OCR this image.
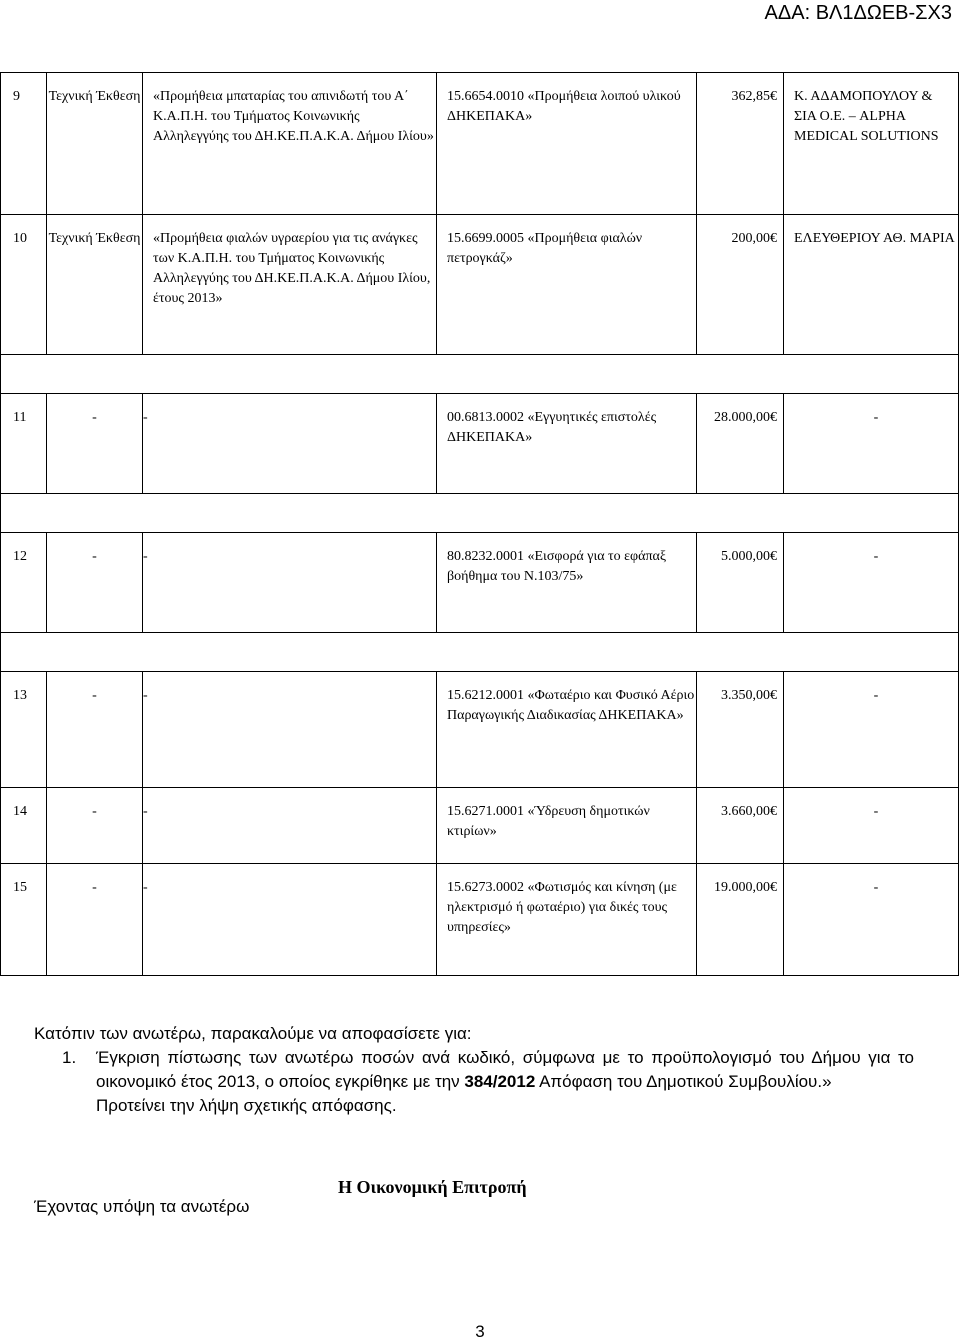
ΑΔΑ: ΒΛ1ΔΩΕΒ-ΣΧ3
9	Τεχνική Έκθεση	«Προμήθεια μπαταρίας του απινιδωτή του Α΄ Κ.Α.Π.Η. του Τμήματος Κοινωνικής Αλληλεγγύης του ΔΗ.ΚΕ.Π.Α.Κ.Α. Δήμου Ιλίου»	15.6654.0010 «Προμήθεια λοιπού υλικού ΔΗΚΕΠΑΚΑ»	362,85€	Κ. ΑΔΑΜΟΠΟΥΛΟΥ & ΣΙΑ Ο.Ε. – ALPHA MEDICAL SOLUTIONS

10	Τεχνική Έκθεση	«Προμήθεια φιαλών υγραερίου για τις ανάγκες των Κ.Α.Π.Η. του Τμήματος Κοινωνικής Αλληλεγγύης του ΔΗ.ΚΕ.Π.Α.Κ.Α. Δήμου Ιλίου, έτους 2013»	15.6699.0005 «Προμήθεια φιαλών πετρογκάζ»	200,00€	ΕΛΕΥΘΕΡΙΟΥ ΑΘ. ΜΑΡΙΑ

11	-	-	00.6813.0002 «Εγγυητικές επιστολές ΔΗΚΕΠΑΚΑ»	28.000,00€	-

12	-	-	80.8232.0001 «Εισφορά για το εφάπαξ βοήθημα του Ν.103/75»	5.000,00€	-

13	-	-	15.6212.0001 «Φωταέριο και Φυσικό Αέριο Παραγωγικής Διαδικασίας ΔΗΚΕΠΑΚΑ»	3.350,00€	-

14	-	-	15.6271.0001 «Ύδρευση δημοτικών κτιρίων»	3.660,00€	-

15	-	-	15.6273.0002 «Φωτισμός και κίνηση (με ηλεκτρισμό ή φωταέριο) για δικές τους υπηρεσίες»	19.000,00€	-
Κατόπιν των ανωτέρω, παρακαλούμε να αποφασίσετε για:
1.	Έγκριση πίστωσης των ανωτέρω ποσών ανά κωδικό, σύμφωνα με το προϋπολογισμό του Δήμου για το οικονομικό έτος 2013, ο οποίος εγκρίθηκε με την 384/2012 Απόφαση του Δημοτικού Συμβουλίου.»
Προτείνει την λήψη σχετικής απόφασης.
Έχοντας υπόψη τα ανωτέρω
Η Οικονομική Επιτροπή
3
